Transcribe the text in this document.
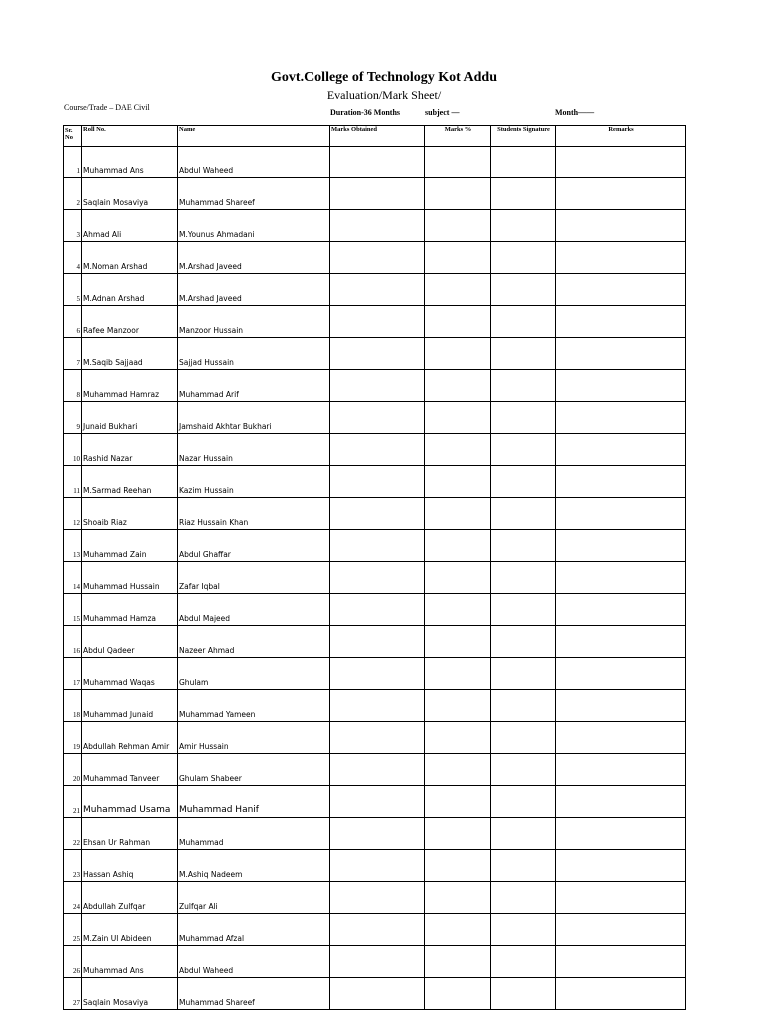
Govt.College of Technology Kot Addu
Evaluation/Mark Sheet/
Course/Trade – DAE Civil
Duration-36 Months	subject —	Month——
Sr.
No	Roll No.	Name	Marks Obtained	Marks %	Students Signature	Remarks
1	Muhammad Ans	Abdul Waheed				
2	Saqlain Mosaviya	Muhammad Shareef				
3	Ahmad Ali	M.Younus Ahmadani				
4	M.Noman Arshad	M.Arshad Javeed				
5	M.Adnan Arshad	M.Arshad Javeed				
6	Rafee Manzoor	Manzoor Hussain				
7	M.Saqib Sajjaad	Sajjad Hussain				
8	Muhammad Hamraz	Muhammad Arif				
9	Junaid Bukhari	Jamshaid Akhtar Bukhari				
10	Rashid Nazar	Nazar Hussain				
11	M.Sarmad Reehan	Kazim Hussain				
12	Shoaib Riaz	Riaz Hussain Khan				
13	Muhammad Zain	Abdul Ghaffar				
14	Muhammad Hussain	Zafar Iqbal				
15	Muhammad Hamza	Abdul Majeed				
16	Abdul Qadeer	Nazeer Ahmad				
17	Muhammad Waqas	Ghulam				
18	Muhammad Junaid	Muhammad Yameen				
19	Abdullah Rehman Amir	Amir Hussain				
20	Muhammad Tanveer	Ghulam Shabeer				
21	Muhammad Usama	Muhammad Hanif				
22	Ehsan Ur Rahman	Muhammad				
23	Hassan Ashiq	M.Ashiq Nadeem				
24	Abdullah Zulfqar	Zulfqar Ali				
25	M.Zain Ul Abideen	Muhammad Afzal				
26	Muhammad Ans	Abdul Waheed				
27	Saqlain Mosaviya	Muhammad Shareef				
